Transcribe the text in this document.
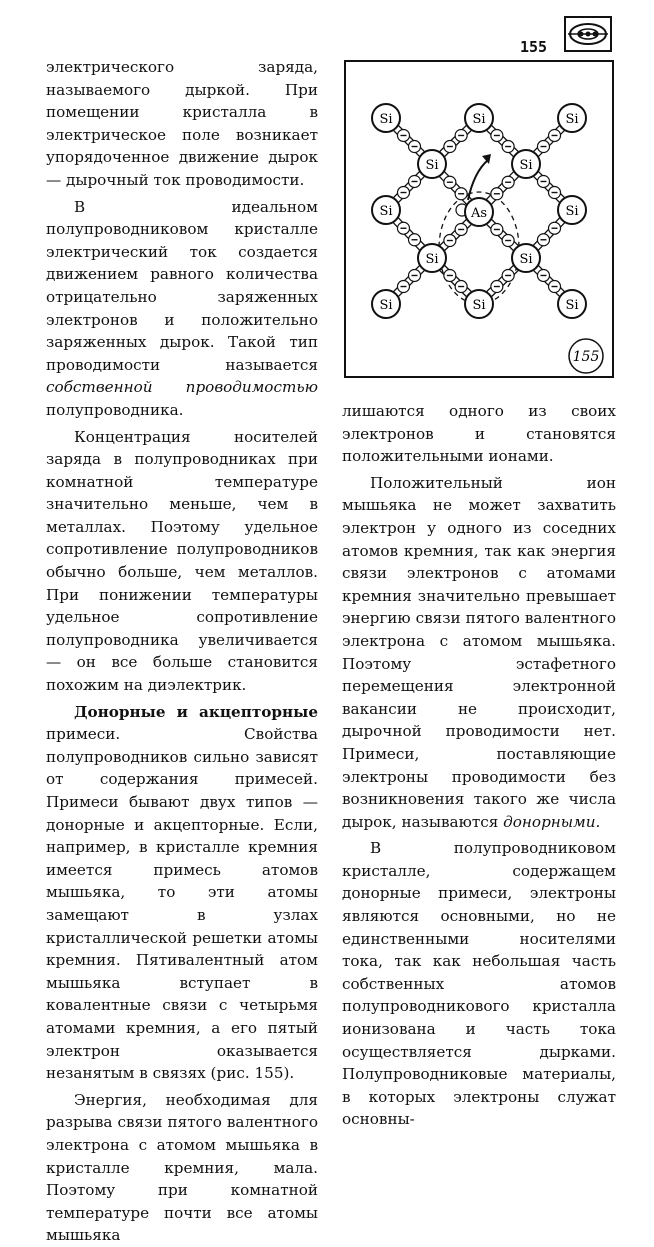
155
Si	Si	Si
Si	Si
Si	As	Si
Si	Si
Si	Si	Si
155

электрического заряда, называемого дыркой. При помещении кристалла в электрическое поле возникает упорядоченное движение дырок — дырочный ток проводимости.

В идеальном полупроводниковом кристалле электрический ток создается движением равного количества отрицательно заряженных электронов и положительно заряженных дырок. Такой тип проводимости называется собственной проводимостью полупроводника.

Концентрация носителей заряда в полупроводниках при комнатной температуре значительно меньше, чем в металлах. Поэтому удельное сопротивление полупроводников обычно больше, чем металлов. При понижении температуры удельное сопротивление полупроводника увеличивается — он все больше становится похожим на диэлектрик.

Донорные и акцепторные примеси. Свойства полупроводников сильно зависят от содержания примесей. Примеси бывают двух типов — донорные и акцепторные. Если, например, в кристалле кремния имеется примесь атомов мышьяка, то эти атомы замещают в узлах кристаллической решетки атомы кремния. Пятивалентный атом мышьяка вступает в ковалентные связи с четырьмя атомами кремния, а его пятый электрон оказывается незанятым в связях (рис. 155).

Энергия, необходимая для разрыва связи пятого валентного электрона с атомом мышьяка в кристалле кремния, мала. Поэтому при комнатной температуре почти все атомы мышьяка

лишаются одного из своих электронов и становятся положительными ионами.

Положительный ион мышьяка не может захватить электрон у одного из соседних атомов кремния, так как энергия связи электронов с атомами кремния значительно превышает энергию связи пятого валентного электрона с атомом мышьяка. Поэтому эстафетного перемещения электронной вакансии не происходит, дырочной проводимости нет. Примеси, поставляющие электроны проводимости без возникновения такого же числа дырок, называются донорными.

В полупроводниковом кристалле, содержащем донорные примеси, электроны являются основными, но не единственными носителями тока, так как небольшая часть собственных атомов полупроводникового кристалла ионизована и часть тока осуществляется дырками. Полупроводниковые материалы, в которых электроны служат основны-
